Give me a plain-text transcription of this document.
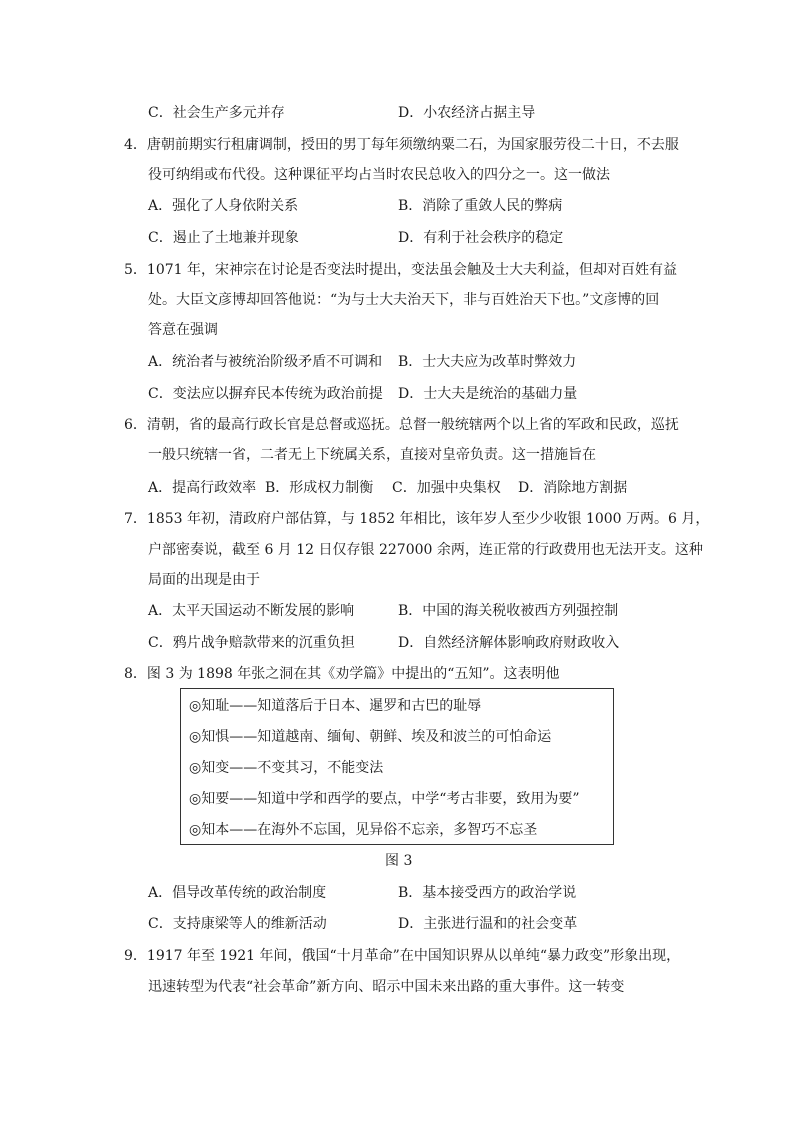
C．社会生产多元并存	D．小农经济占据主导
4．唐朝前期实行租庸调制，授田的男丁每年须缴纳粟二石，为国家服劳役二十日，不去服
役可纳绢或布代役。这种课征平均占当时农民总收入的四分之一。这一做法
A．强化了人身依附关系	B．消除了重敛人民的弊病
C．遏止了土地兼并现象	D．有利于社会秩序的稳定
5．1071 年，宋神宗在讨论是否变法时提出，变法虽会触及士大夫利益，但却对百姓有益
处。大臣文彦博却回答他说：“为与士大夫治天下，非与百姓治天下也。”文彦博的回
答意在强调
A．统治者与被统治阶级矛盾不可调和 B．士大夫应为改革时弊效力
C．变法应以摒弃民本传统为政治前提 D．士大夫是统治的基础力量
6．清朝，省的最高行政长官是总督或巡抚。总督一般统辖两个以上省的军政和民政，巡抚
一般只统辖一省，二者无上下统属关系，直接对皇帝负责。这一措施旨在
A．提高行政效率 B．形成权力制衡 C．加强中央集权 D．消除地方割据
7．1853 年初，清政府户部估算，与 1852 年相比，该年岁人至少少收银 1000 万两。6 月，
户部密奏说，截至 6 月 12 日仅存银 227000 余两，连正常的行政费用也无法开支。这种
局面的出现是由于
A．太平天国运动不断发展的影响	B．中国的海关税收被西方列强控制
C．鸦片战争赔款带来的沉重负担	D．自然经济解体影响政府财政收入
8．图 3 为 1898 年张之洞在其《劝学篇》中提出的“五知”。这表明他
◎知耻——知道落后于日本、暹罗和古巴的耻辱
◎知惧——知道越南、缅甸、朝鲜、埃及和波兰的可怕命运
◎知变——不变其习，不能变法
◎知要——知道中学和西学的要点，中学“考古非要，致用为要”
◎知本——在海外不忘国，见异俗不忘亲，多智巧不忘圣
图 3
A．倡导改革传统的政治制度	B．基本接受西方的政治学说
C．支持康梁等人的维新活动	D．主张进行温和的社会变革
9．1917 年至 1921 年间，俄国“十月革命”在中国知识界从以单纯“暴力政变”形象出现，
迅速转型为代表“社会革命”新方向、昭示中国未来出路的重大事件。这一转变
